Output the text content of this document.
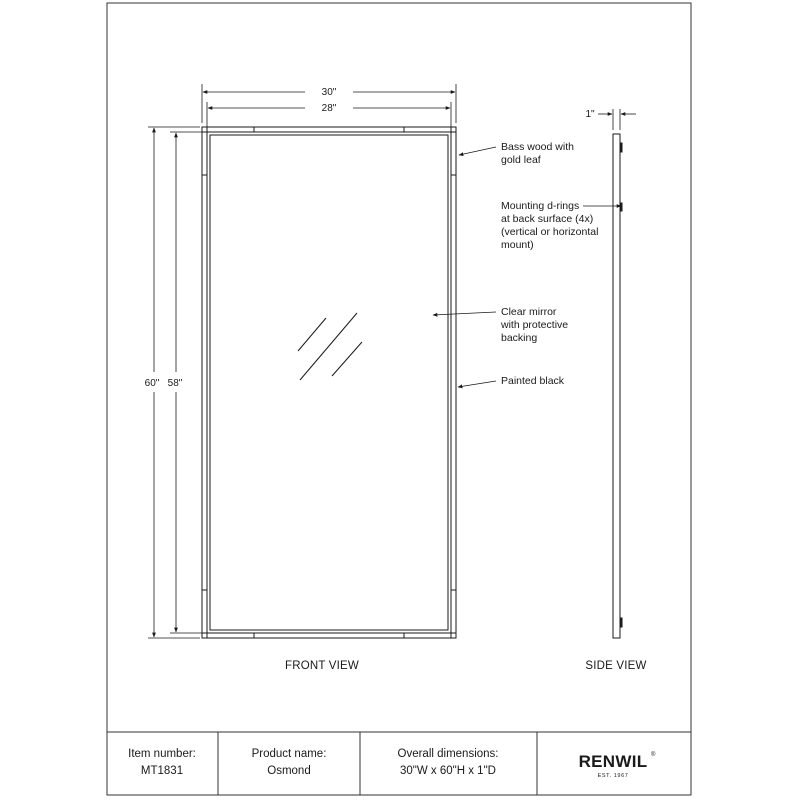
30"
28"
60" 58"
1"
Bass wood with gold leaf
Mounting d-rings at back surface (4x) (vertical or horizontal mount)
Clear mirror with protective backing
Painted black
FRONT VIEW	SIDE VIEW
Item number:
MT1831
Product name:
Osmond
Overall dimensions:
30"W x 60"H x 1"D	RENWIL ®
EST. 1967
